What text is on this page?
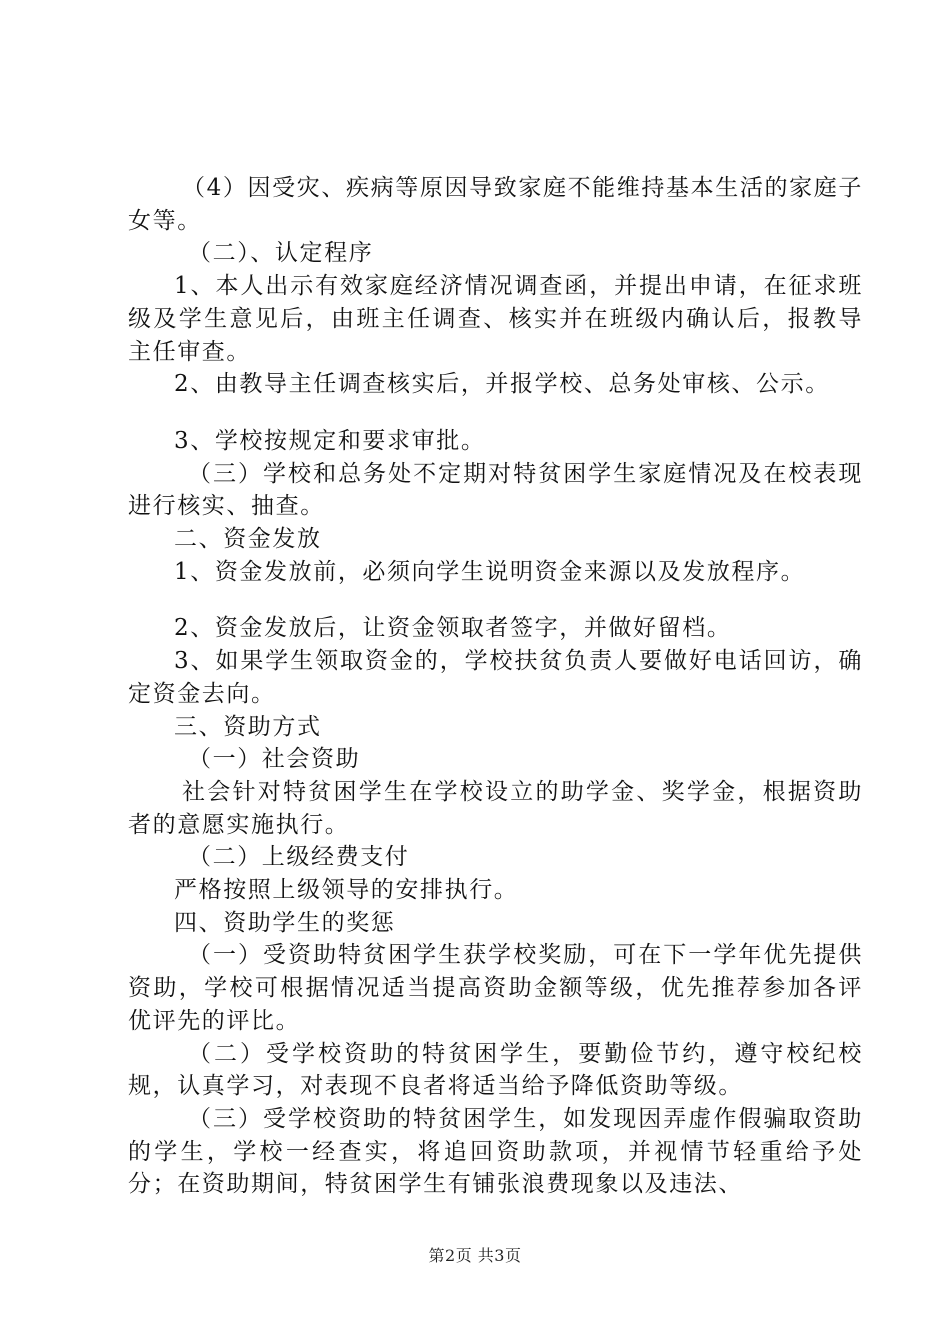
（4）因受灾、疾病等原因导致家庭不能维持基本生活的家庭子女等。

（二）、认定程序

1、本人出示有效家庭经济情况调查函，并提出申请，在征求班级及学生意见后，由班主任调查、核实并在班级内确认后，报教导主任审查。

2、由教导主任调查核实后，并报学校、总务处审核、公示。

3、学校按规定和要求审批。

（三）学校和总务处不定期对特贫困学生家庭情况及在校表现进行核实、抽查。

二、资金发放

1、资金发放前，必须向学生说明资金来源以及发放程序。

2、资金发放后，让资金领取者签字，并做好留档。

3、如果学生领取资金的，学校扶贫负责人要做好电话回访，确定资金去向。

三、资助方式

（一）社会资助

社会针对特贫困学生在学校设立的助学金、奖学金，根据资助者的意愿实施执行。

（二）上级经费支付

严格按照上级领导的安排执行。

四、资助学生的奖惩

（一）受资助特贫困学生获学校奖励，可在下一学年优先提供资助，学校可根据情况适当提高资助金额等级，优先推荐参加各评优评先的评比。

（二）受学校资助的特贫困学生，要勤俭节约，遵守校纪校规，认真学习，对表现不良者将适当给予降低资助等级。

（三）受学校资助的特贫困学生，如发现因弄虚作假骗取资助的学生，学校一经查实，将追回资助款项，并视情节轻重给予处分；在资助期间，特贫困学生有铺张浪费现象以及违法、

第2页 共3页
